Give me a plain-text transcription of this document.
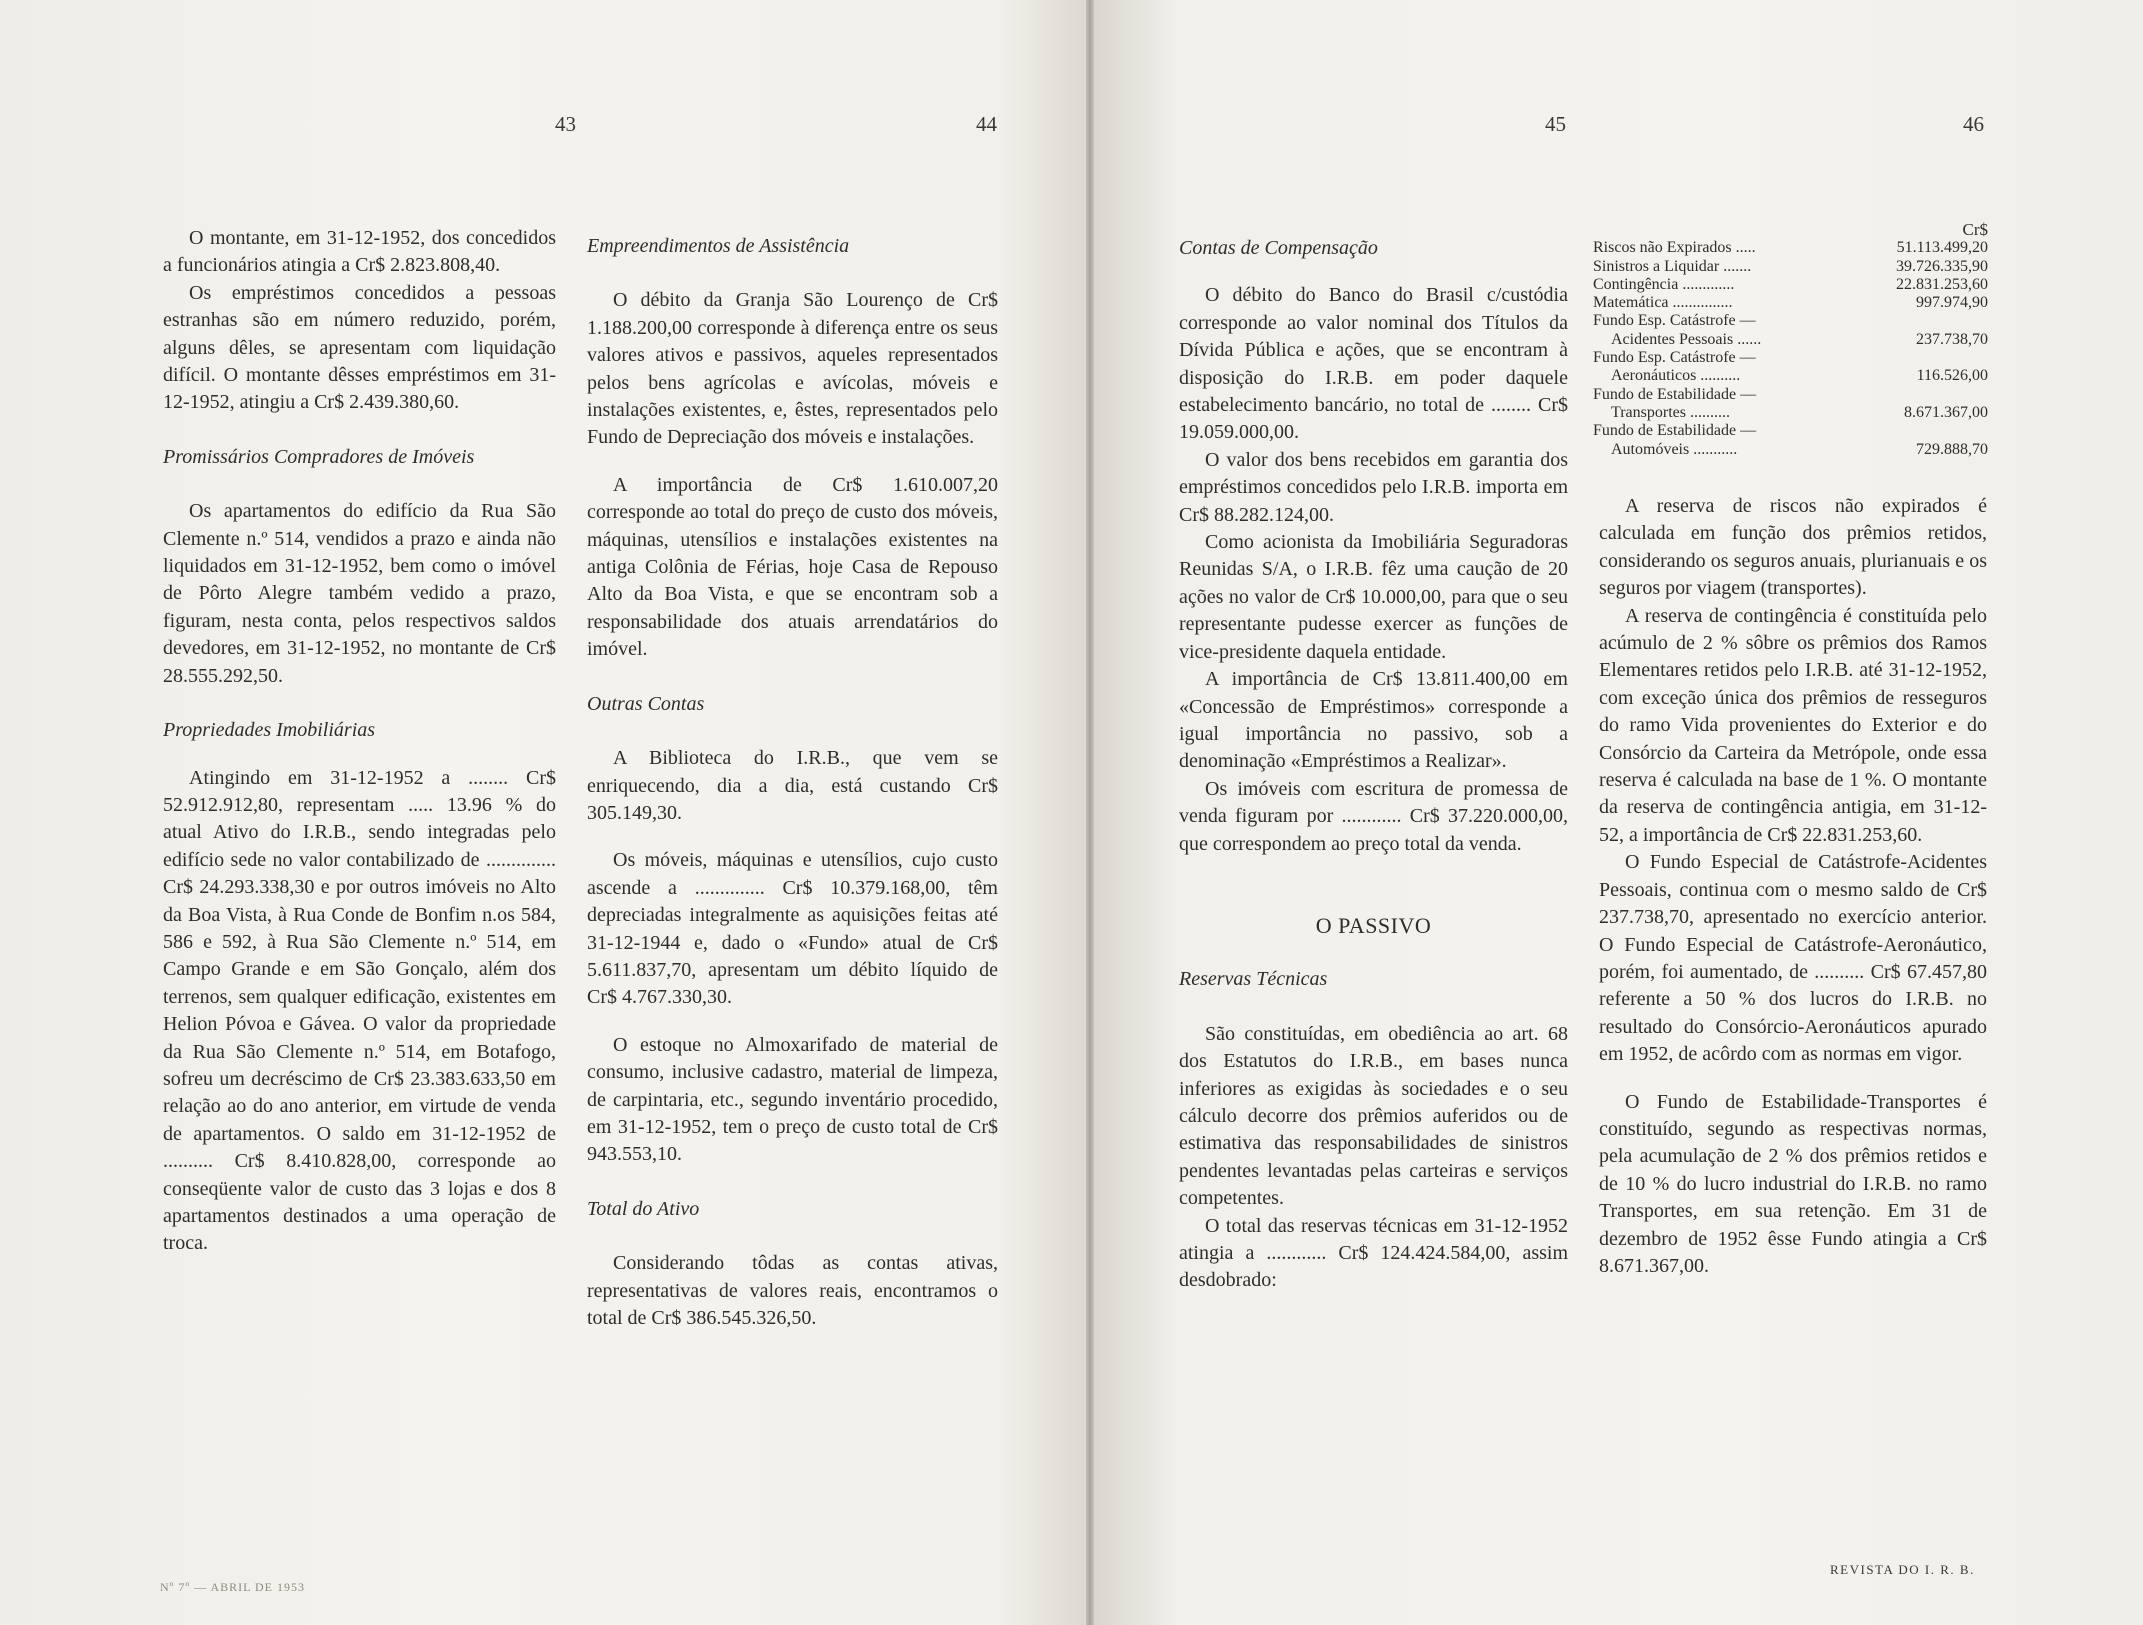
43	44	45	46

O montante, em 31-12-1952, dos concedidos a funcionários atingia a Cr$ 2.823.808,40.

Os empréstimos concedidos a pessoas estranhas são em número reduzido, porém, alguns dêles, se apresentam com liquidação difícil. O montante dêsses empréstimos em 31-12-1952, atingiu a Cr$ 2.439.380,60.

Promissários Compradores de Imóveis

Os apartamentos do edifício da Rua São Clemente n.º 514, vendidos a prazo e ainda não liquidados em 31-12-1952, bem como o imóvel de Pôrto Alegre também vedido a prazo, figuram, nesta conta, pelos respectivos saldos devedores, em 31-12-1952, no montante de Cr$ 28.555.292,50.

Propriedades Imobiliárias

Atingindo em 31-12-1952 a ........ Cr$ 52.912.912,80, representam ..... 13.96 % do atual Ativo do I.R.B., sendo integradas pelo edifício sede no valor contabilizado de .............. Cr$ 24.293.338,30 e por outros imóveis no Alto da Boa Vista, à Rua Conde de Bonfim n.os 584, 586 e 592, à Rua São Clemente n.º 514, em Campo Grande e em São Gonçalo, além dos terrenos, sem qualquer edificação, existentes em Helion Póvoa e Gávea. O valor da propriedade da Rua São Clemente n.º 514, em Botafogo, sofreu um decréscimo de Cr$ 23.383.633,50 em relação ao do ano anterior, em virtude de venda de apartamentos. O saldo em 31-12-1952 de .......... Cr$ 8.410.828,00, corresponde ao conseqüente valor de custo das 3 lojas e dos 8 apartamentos destinados a uma operação de troca.

Empreendimentos de Assistência

O débito da Granja São Lourenço de Cr$ 1.188.200,00 corresponde à diferença entre os seus valores ativos e passivos, aqueles representados pelos bens agrícolas e avícolas, móveis e instalações existentes, e, êstes, representados pelo Fundo de Depreciação dos móveis e instalações.

A importância de Cr$ 1.610.007,20 corresponde ao total do preço de custo dos móveis, máquinas, utensílios e instalações existentes na antiga Colônia de Férias, hoje Casa de Repouso Alto da Boa Vista, e que se encontram sob a responsabilidade dos atuais arrendatários do imóvel.

Outras Contas

A Biblioteca do I.R.B., que vem se enriquecendo, dia a dia, está custando Cr$ 305.149,30.

Os móveis, máquinas e utensílios, cujo custo ascende a .............. Cr$ 10.379.168,00, têm depreciadas integralmente as aquisições feitas até 31-12-1944 e, dado o «Fundo» atual de Cr$ 5.611.837,70, apresentam um débito líquido de Cr$ 4.767.330,30.

O estoque no Almoxarifado de material de consumo, inclusive cadastro, material de limpeza, de carpintaria, etc., segundo inventário procedido, em 31-12-1952, tem o preço de custo total de Cr$ 943.553,10.

Total do Ativo

Considerando tôdas as contas ativas, representativas de valores reais, encontramos o total de Cr$ 386.545.326,50.

Contas de Compensação

O débito do Banco do Brasil c/custódia corresponde ao valor nominal dos Títulos da Dívida Pública e ações, que se encontram à disposição do I.R.B. em poder daquele estabelecimento bancário, no total de ........ Cr$ 19.059.000,00.

O valor dos bens recebidos em garantia dos empréstimos concedidos pelo I.R.B. importa em Cr$ 88.282.124,00.

Como acionista da Imobiliária Seguradoras Reunidas S/A, o I.R.B. fêz uma caução de 20 ações no valor de Cr$ 10.000,00, para que o seu representante pudesse exercer as funções de vice-presidente daquela entidade.

A importância de Cr$ 13.811.400,00 em «Concessão de Empréstimos» corresponde a igual importância no passivo, sob a denominação «Empréstimos a Realizar».

Os imóveis com escritura de promessa de venda figuram por ............ Cr$ 37.220.000,00, que correspondem ao preço total da venda.

O PASSIVO

Reservas Técnicas

São constituídas, em obediência ao art. 68 dos Estatutos do I.R.B., em bases nunca inferiores as exigidas às sociedades e o seu cálculo decorre dos prêmios auferidos ou de estimativa das responsabilidades de sinistros pendentes levantadas pelas carteiras e serviços competentes.

O total das reservas técnicas em 31-12-1952 atingia a ............ Cr$ 124.424.584,00, assim desdobrado:

	Cr$
Riscos não Expirados .....	51.113.499,20
Sinistros a Liquidar .......	39.726.335,90
Contingência .............	22.831.253,60
Matemática ...............	997.974,90
Fundo Esp. Catástrofe —	
Acidentes Pessoais ......	237.738,70
Fundo Esp. Catástrofe —	
Aeronáuticos ..........	116.526,00
Fundo de Estabilidade —	
Transportes ..........	8.671.367,00
Fundo de Estabilidade —	
Automóveis ...........	729.888,70

A reserva de riscos não expirados é calculada em função dos prêmios retidos, considerando os seguros anuais, plurianuais e os seguros por viagem (transportes).

A reserva de contingência é constituída pelo acúmulo de 2 % sôbre os prêmios dos Ramos Elementares retidos pelo I.R.B. até 31-12-1952, com exceção única dos prêmios de resseguros do ramo Vida provenientes do Exterior e do Consórcio da Carteira da Metrópole, onde essa reserva é calculada na base de 1 %. O montante da reserva de contingência antigia, em 31-12-52, a importância de Cr$ 22.831.253,60.

O Fundo Especial de Catástrofe-Acidentes Pessoais, continua com o mesmo saldo de Cr$ 237.738,70, apresentado no exercício anterior. O Fundo Especial de Catástrofe-Aeronáutico, porém, foi aumentado, de .......... Cr$ 67.457,80 referente a 50 % dos lucros do I.R.B. no resultado do Consórcio-Aeronáuticos apurado em 1952, de acôrdo com as normas em vigor.

O Fundo de Estabilidade-Transportes é constituído, segundo as respectivas normas, pela acumulação de 2 % dos prêmios retidos e de 10 % do lucro industrial do I.R.B. no ramo Transportes, em sua retenção. Em 31 de dezembro de 1952 êsse Fundo atingia a Cr$ 8.671.367,00.

Nº 7º — ABRIL DE 1953
REVISTA DO I. R. B.
